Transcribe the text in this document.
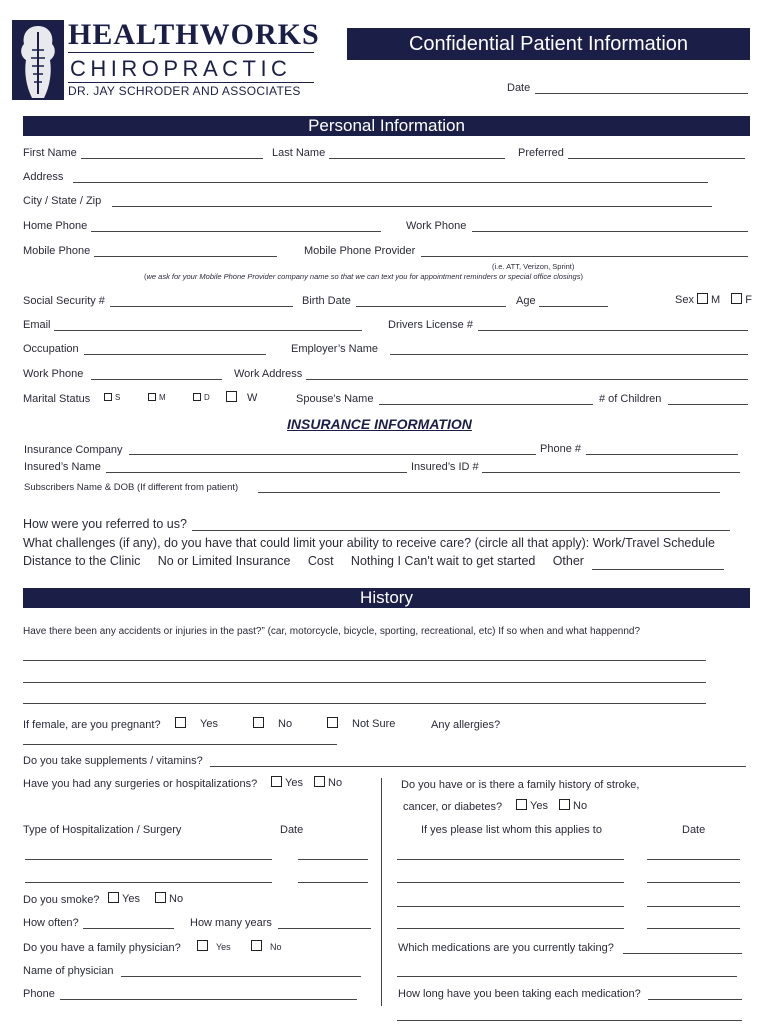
HEALTHWORKS
CHIROPRACTIC
DR. JAY SCHRODER AND ASSOCIATES
Confidential Patient Information
Date
Personal Information
First Name	Last Name	Preferred
Address
City / State / Zip
Home Phone	Work Phone
Mobile Phone	Mobile Phone Provider
(i.e. ATT, Verizon, Sprint)
(we ask for your Mobile Phone Provider company name so that we can text you for appointment reminders or special office closings)
Social Security #	Birth Date	Age	Sex M F
Email	Drivers License #
Occupation	Employer’s Name
Work Phone	Work Address
Marital Status	S	M	D	W	Spouse’s Name	# of Children
INSURANCE INFORMATION
Insurance Company	Phone #
Insured’s Name	Insured’s ID #
Subscribers Name & DOB (If different from patient)
How were you referred to us?
What challenges (if any), do you have that could limit your ability to receive care? (circle all that apply): Work/Travel Schedule
Distance to the Clinic     No or Limited Insurance     Cost     Nothing I Can't wait to get started     Other
History
Have there been any accidents or injuries in the past?” (car, motorcycle, bicycle, sporting, recreational, etc) If so when and what happennd?
If female, are you pregnant?	Yes	No	Not Sure	Any allergies?
Do you take supplements / vitamins?
Have you had any surgeries or hospitalizations?	Yes	No	Do you have or is there a family history of stroke,
cancer, or diabetes?	Yes	No
Type of Hospitalization / Surgery	Date	If yes please list whom this applies to	Date
Do you smoke?	Yes	No
How often?	How many years
Do you have a family physician?	Yes	No	Which medications are you currently taking?
Name of physician
Phone	How long have you been taking each medication?
